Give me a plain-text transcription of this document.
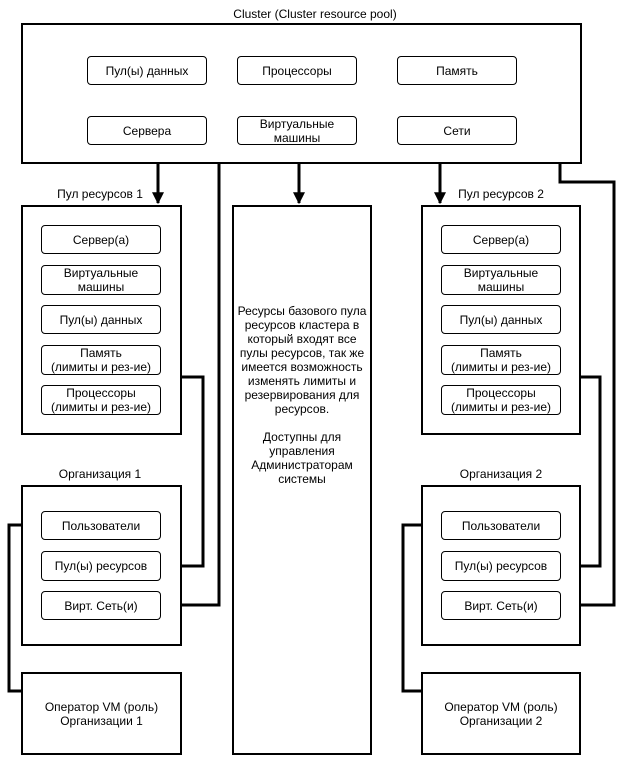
Cluster (Cluster resource pool)
Пул(ы) данных	Процессоры	Память
Сервера	Виртуальные
машины	Сети
Пул ресурсов 1
Сервер(а)
Виртуальные
машины
Пул(ы) данных
Память
(лимиты и рез-ие)
Процессоры
(лимиты и рез-ие)
Ресурсы базового пула
ресурсов кластера в
который входят все
пулы ресурсов, так же
имеется возможность
изменять лимиты и
резервирования для
ресурсов.

Доступны для
управления
Администраторам
системы
Пул ресурсов 2
Сервер(а)
Виртуальные
машины
Пул(ы) данных
Память
(лимиты и рез-ие)
Процессоры
(лимиты и рез-ие)
Организация 1
Пользователи
Пул(ы) ресурсов
Вирт. Сеть(и)
Организация 2
Пользователи
Пул(ы) ресурсов
Вирт. Сеть(и)
Оператор VM (роль)
Организации 1
Оператор VM (роль)
Организации 2
